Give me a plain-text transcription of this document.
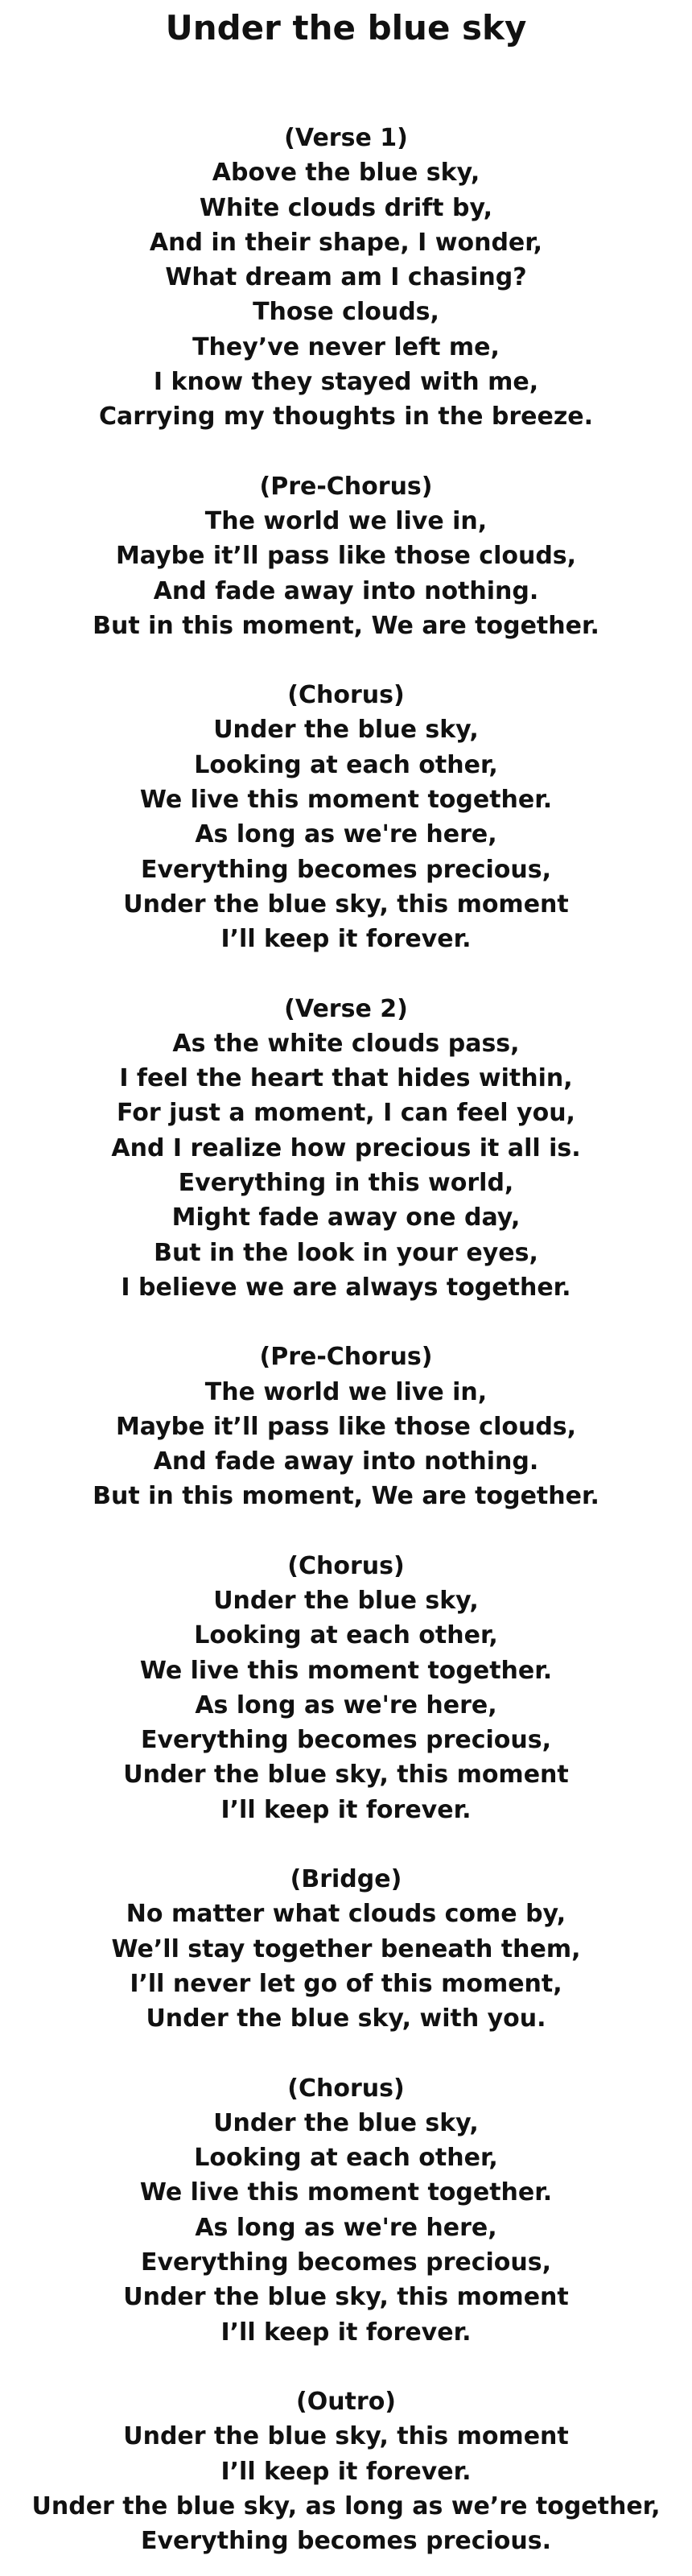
Under the blue sky
(Verse 1)
Above the blue sky,
White clouds drift by,
And in their shape, I wonder,
What dream am I chasing?
Those clouds,
They’ve never left me,
I know they stayed with me,
Carrying my thoughts in the breeze.
(Pre-Chorus)
The world we live in,
Maybe it’ll pass like those clouds,
And fade away into nothing.
But in this moment, We are together.
(Chorus)
Under the blue sky,
Looking at each other,
We live this moment together.
As long as we're here,
Everything becomes precious,
Under the blue sky, this moment
I’ll keep it forever.
(Verse 2)
As the white clouds pass,
I feel the heart that hides within,
For just a moment, I can feel you,
And I realize how precious it all is.
Everything in this world,
Might fade away one day,
But in the look in your eyes,
I believe we are always together.
(Pre-Chorus)
The world we live in,
Maybe it’ll pass like those clouds,
And fade away into nothing.
But in this moment, We are together.
(Chorus)
Under the blue sky,
Looking at each other,
We live this moment together.
As long as we're here,
Everything becomes precious,
Under the blue sky, this moment
I’ll keep it forever.
(Bridge)
No matter what clouds come by,
We’ll stay together beneath them,
I’ll never let go of this moment,
Under the blue sky, with you.
(Chorus)
Under the blue sky,
Looking at each other,
We live this moment together.
As long as we're here,
Everything becomes precious,
Under the blue sky, this moment
I’ll keep it forever.
(Outro)
Under the blue sky, this moment
I’ll keep it forever.
Under the blue sky, as long as we’re together,
Everything becomes precious.
